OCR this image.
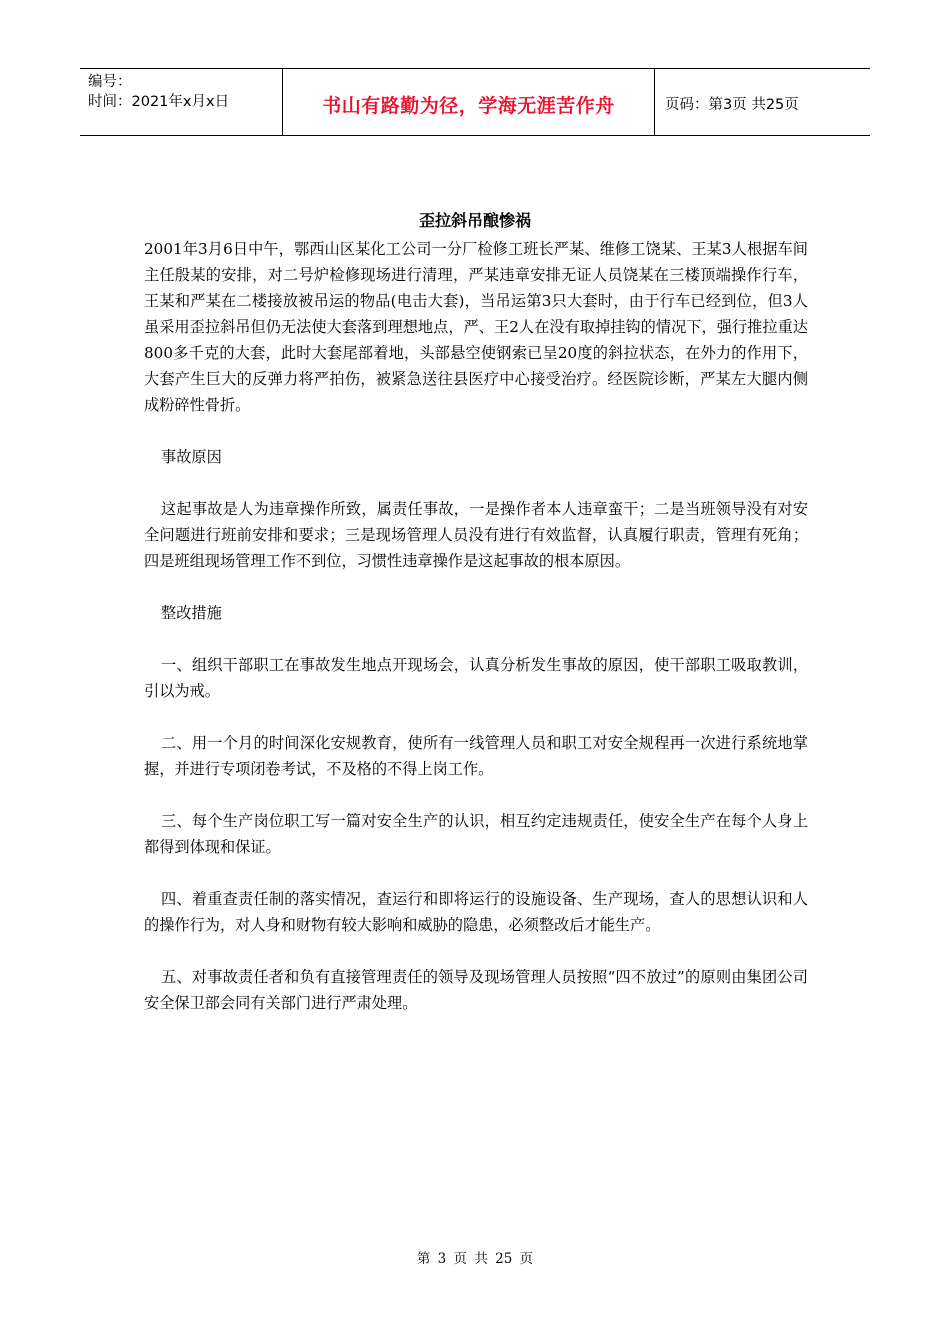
编号：
时间：2021年x月x日	书山有路勤为径，学海无涯苦作舟	页码：第3页 共25页
歪拉斜吊酿惨祸

2001年3月6日中午，鄂西山区某化工公司一分厂检修工班长严某、维修工饶某、王某3人根据车间主任殷某的安排，对二号炉检修现场进行清理，严某违章安排无证人员饶某在三楼顶端操作行车，王某和严某在二楼接放被吊运的物品(电击大套)，当吊运第3只大套时，由于行车已经到位，但3人虽采用歪拉斜吊但仍无法使大套落到理想地点，严、王2人在没有取掉挂钩的情况下，强行推拉重达800多千克的大套，此时大套尾部着地，头部悬空使钢索已呈20度的斜拉状态，在外力的作用下，大套产生巨大的反弹力将严拍伤，被紧急送往县医疗中心接受治疗。经医院诊断，严某左大腿内侧成粉碎性骨折。

事故原因

这起事故是人为违章操作所致，属责任事故，一是操作者本人违章蛮干；二是当班领导没有对安全问题进行班前安排和要求；三是现场管理人员没有进行有效监督，认真履行职责，管理有死角；四是班组现场管理工作不到位，习惯性违章操作是这起事故的根本原因。

整改措施

一、组织干部职工在事故发生地点开现场会，认真分析发生事故的原因，使干部职工吸取教训，引以为戒。

二、用一个月的时间深化安规教育，使所有一线管理人员和职工对安全规程再一次进行系统地掌握，并进行专项闭卷考试，不及格的不得上岗工作。

三、每个生产岗位职工写一篇对安全生产的认识，相互约定违规责任，使安全生产在每个人身上都得到体现和保证。

四、着重查责任制的落实情况，查运行和即将运行的设施设备、生产现场，查人的思想认识和人的操作行为，对人身和财物有较大影响和威胁的隐患，必须整改后才能生产。

五、对事故责任者和负有直接管理责任的领导及现场管理人员按照“四不放过”的原则由集团公司安全保卫部会同有关部门进行严肃处理。

第 3 页 共 25 页
